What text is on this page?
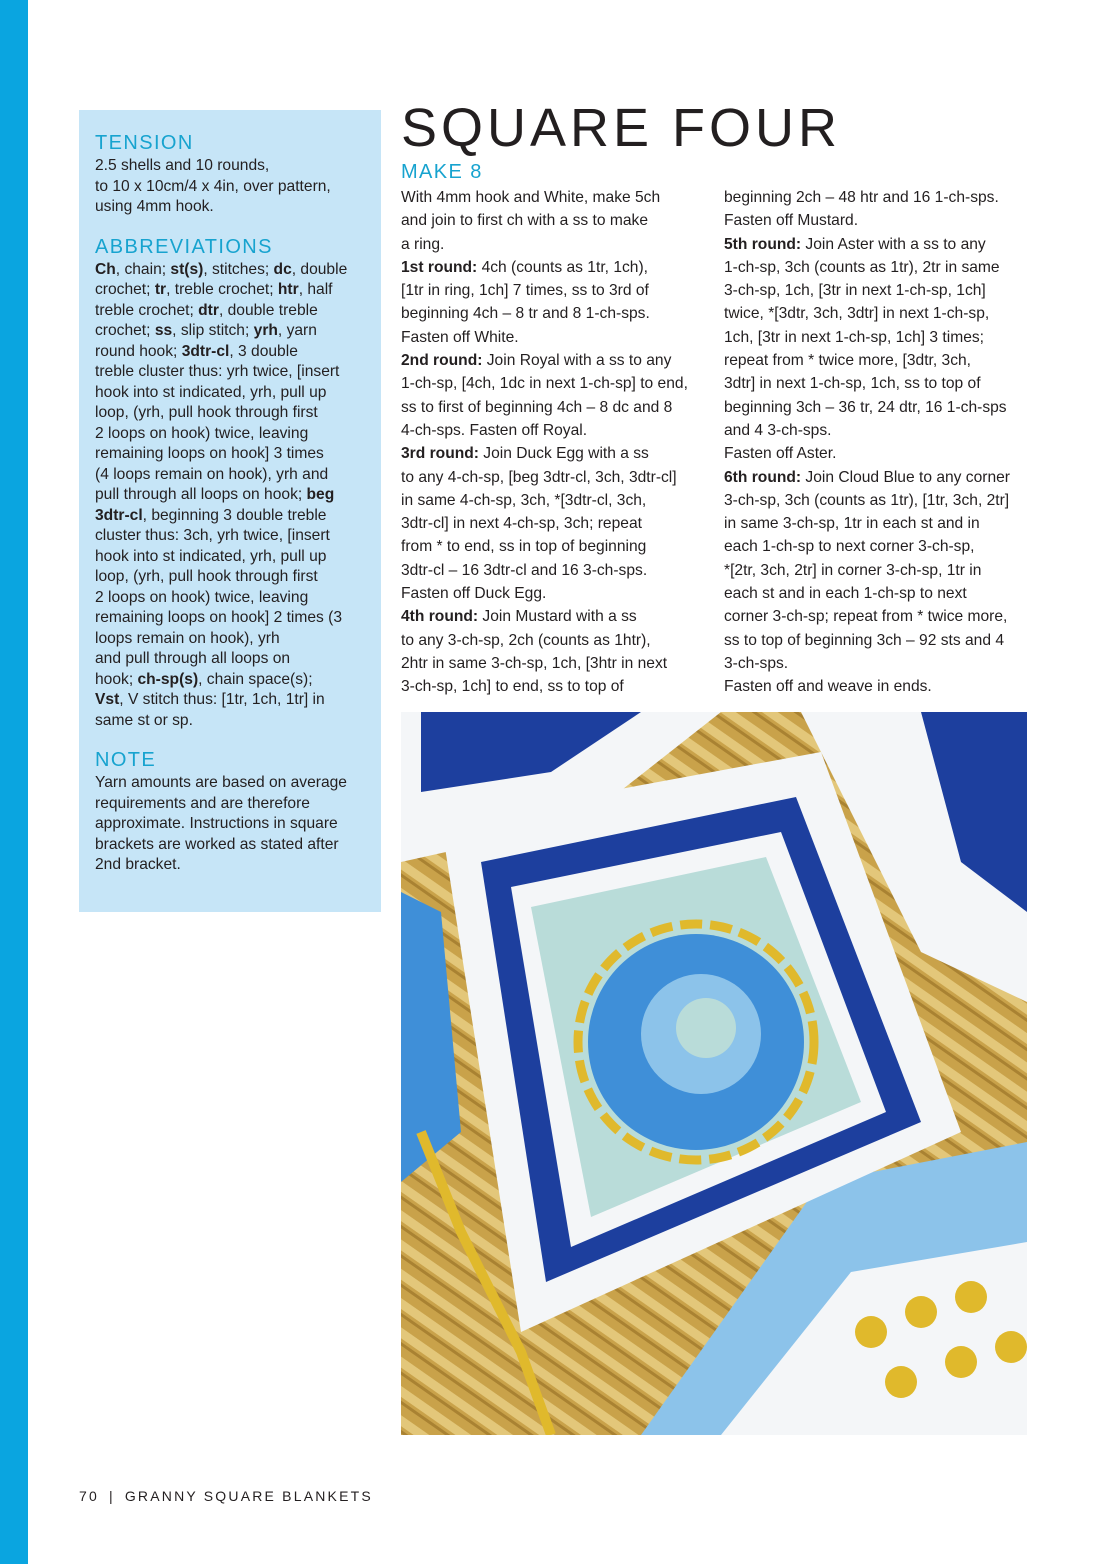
TENSION
2.5 shells and 10 rounds,
to 10 x 10cm/4 x 4in, over pattern,
using 4mm hook.
ABBREVIATIONS
Ch, chain; st(s), stitches; dc, double
crochet; tr, treble crochet; htr, half
treble crochet; dtr, double treble
crochet; ss, slip stitch; yrh, yarn
round hook; 3dtr-cl, 3 double
treble cluster thus: yrh twice, [insert
hook into st indicated, yrh, pull up
loop, (yrh, pull hook through first
2 loops on hook) twice, leaving
remaining loops on hook] 3 times
(4 loops remain on hook), yrh and
pull through all loops on hook; beg
3dtr-cl, beginning 3 double treble
cluster thus: 3ch, yrh twice, [insert
hook into st indicated, yrh, pull up
loop, (yrh, pull hook through first
2 loops on hook) twice, leaving
remaining loops on hook] 2 times (3
loops remain on hook), yrh
and pull through all loops on
hook; ch-sp(s), chain space(s);
Vst, V stitch thus: [1tr, 1ch, 1tr] in
same st or sp.
NOTE
Yarn amounts are based on average
requirements and are therefore
approximate. Instructions in square
brackets are worked as stated after
2nd bracket.
SQUARE FOUR
MAKE 8
With 4mm hook and White, make 5ch
and join to first ch with a ss to make
a ring.
1st round: 4ch (counts as 1tr, 1ch),
[1tr in ring, 1ch] 7 times, ss to 3rd of
beginning 4ch – 8 tr and 8 1-ch-sps.
Fasten off White.
2nd round: Join Royal with a ss to any
1-ch-sp, [4ch, 1dc in next 1-ch-sp] to end,
ss to first of beginning 4ch – 8 dc and 8
4-ch-sps. Fasten off Royal.
3rd round: Join Duck Egg with a ss
to any 4-ch-sp, [beg 3dtr-cl, 3ch, 3dtr-cl]
in same 4-ch-sp, 3ch, *[3dtr-cl, 3ch,
3dtr-cl] in next 4-ch-sp, 3ch; repeat
from * to end, ss in top of beginning
3dtr-cl – 16 3dtr-cl and 16 3-ch-sps.
Fasten off Duck Egg.
4th round: Join Mustard with a ss
to any 3-ch-sp, 2ch (counts as 1htr),
2htr in same 3-ch-sp, 1ch, [3htr in next
3-ch-sp, 1ch] to end, ss to top of
beginning 2ch – 48 htr and 16 1-ch-sps.
Fasten off Mustard.
5th round: Join Aster with a ss to any
1-ch-sp, 3ch (counts as 1tr), 2tr in same
3-ch-sp, 1ch, [3tr in next 1-ch-sp, 1ch]
twice, *[3dtr, 3ch, 3dtr] in next 1-ch-sp,
1ch, [3tr in next 1-ch-sp, 1ch] 3 times;
repeat from * twice more, [3dtr, 3ch,
3dtr] in next 1-ch-sp, 1ch, ss to top of
beginning 3ch – 36 tr, 24 dtr, 16 1-ch-sps
and 4 3-ch-sps.
Fasten off Aster.
6th round: Join Cloud Blue to any corner
3-ch-sp, 3ch (counts as 1tr), [1tr, 3ch, 2tr]
in same 3-ch-sp, 1tr in each st and in
each 1-ch-sp to next corner 3-ch-sp,
*[2tr, 3ch, 2tr] in corner 3-ch-sp, 1tr in
each st and in each 1-ch-sp to next
corner 3-ch-sp; repeat from * twice more,
ss to top of beginning 3ch – 92 sts and 4
3-ch-sps.
Fasten off and weave in ends.
70 | GRANNY SQUARE BLANKETS
